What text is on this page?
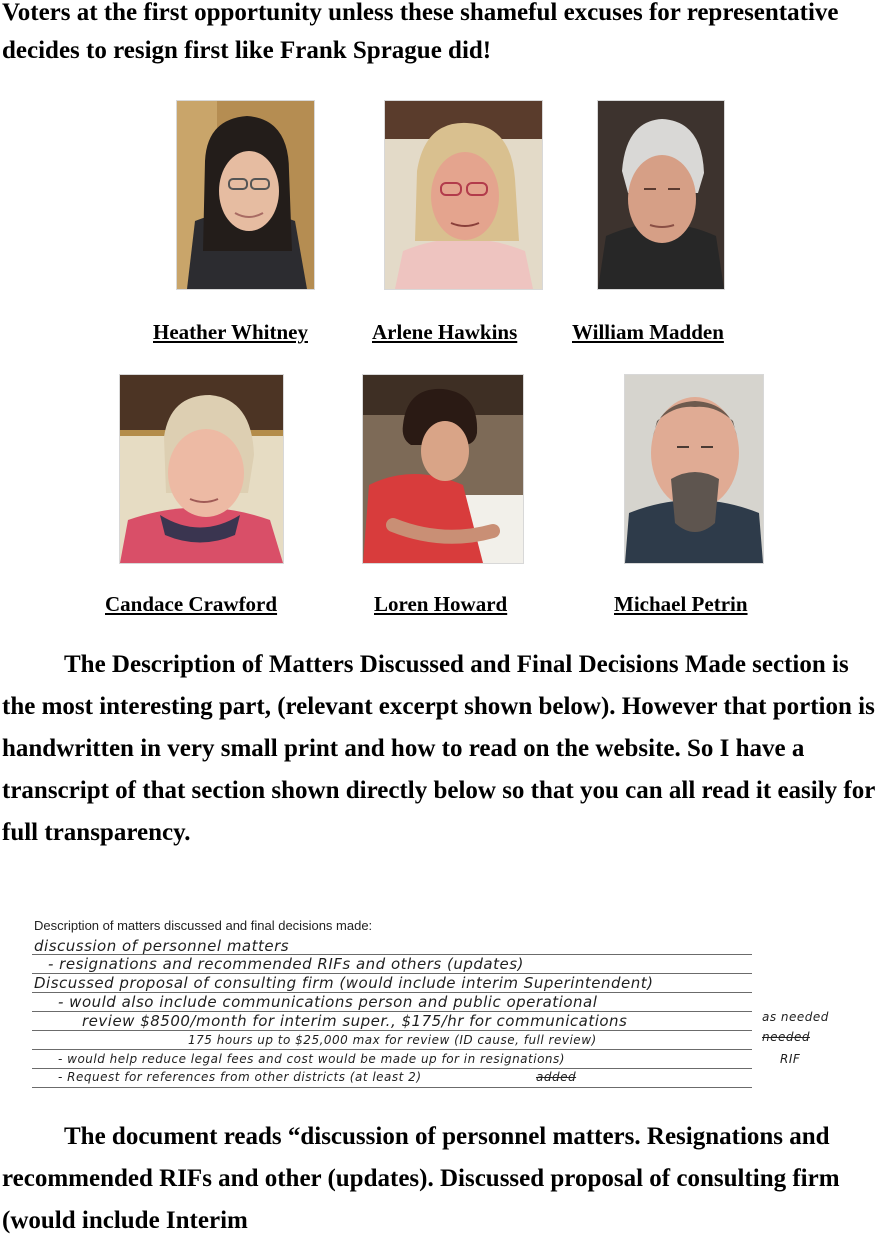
Voters at the first opportunity unless these shameful excuses for representative decides to resign first like Frank Sprague did!

Heather Whitney	Arlene Hawkins	William Madden
Candace Crawford	Loren Howard	Michael Petrin

The Description of Matters Discussed and Final Decisions Made section is the most interesting part, (relevant excerpt shown below). However that portion is handwritten in very small print and how to read on the website. So I have a transcript of that section shown directly below so that you can all read it easily for full transparency.

Description of matters discussed and final decisions made:

discussion of personnel matters
- resignations and recommended RIFs and others (updates)
Discussed proposal of consulting firm (would include interim Superintendent)
- would also include communications person and public operational
review $8500/month for interim super., $175/hr for communications
175 hours up to $25,000 max for review (ID cause, full review)
- would help reduce legal fees and cost would be made up for in resignations)
- Request for references from other districts (at least 2)
as needed
needed
RIF
added

The document reads “discussion of personnel matters. Resignations and recommended RIFs and other (updates). Discussed proposal of consulting firm (would include Interim
